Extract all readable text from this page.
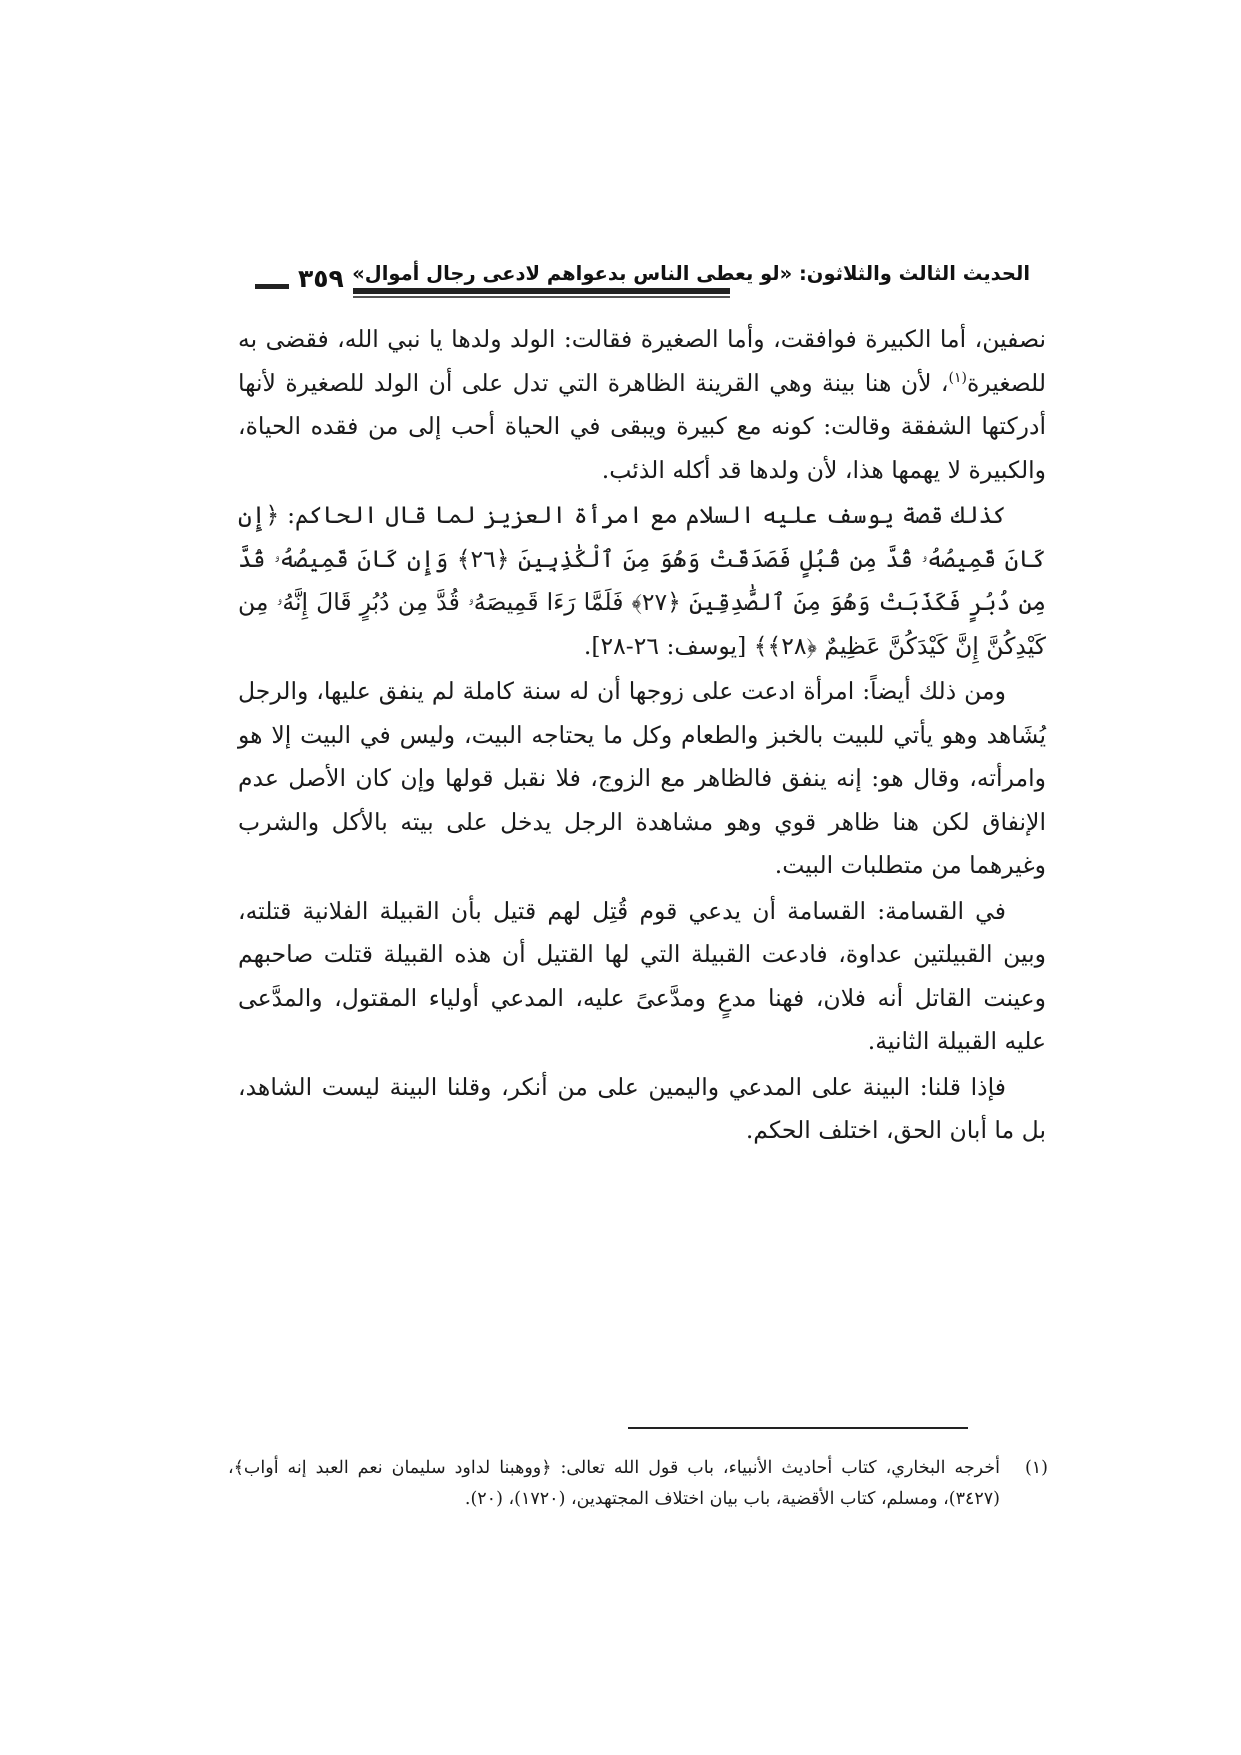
الحديث الثالث والثلاثون: «لو يعطى الناس بدعواهم لادعى رجال أموال»
٣٥٩

نصفين، أما الكبيرة فوافقت، وأما الصغيرة فقالت: الولد ولدها يا نبي الله، فقضى به للصغيرة$^{(١)}$، لأن هنا بينة وهي القرينة الظاهرة التي تدل على أن الولد للصغيرة لأنها أدركتها الشفقة وقالت: كونه مع كبيرة ويبقى في الحياة أحب إلى من فقده الحياة، والكبيرة لا يهمها هذا، لأن ولدها قد أكله الذئب.

كذلك قصة يوسف عليه السلام مع امرأة العزيز لما قال الحاكم: ﴿إِن كَانَ قَمِيصُهُۥ قُدَّ مِن قُبُلٍ فَصَدَقَتْ وَهُوَ مِنَ ٱلْكَٰذِبِينَ ﴿٢٦﴾ وَإِن كَانَ قَمِيصُهُۥ قُدَّ مِن دُبُرٍ فَكَذَبَتْ وَهُوَ مِنَ ٱلصَّٰدِقِينَ ﴿٢٧﴾ فَلَمَّا رَءَا قَمِيصَهُۥ قُدَّ مِن دُبُرٍ قَالَ إِنَّهُۥ مِن كَيْدِكُنَّ إِنَّ كَيْدَكُنَّ عَظِيمٌ ﴿٢٨﴾﴾ [يوسف: ٢٦-٢٨].

ومن ذلك أيضاً: امرأة ادعت على زوجها أن له سنة كاملة لم ينفق عليها، والرجل يُشَاهد وهو يأتي للبيت بالخبز والطعام وكل ما يحتاجه البيت، وليس في البيت إلا هو وامرأته، وقال هو: إنه ينفق فالظاهر مع الزوج، فلا نقبل قولها وإن كان الأصل عدم الإنفاق لكن هنا ظاهر قوي وهو مشاهدة الرجل يدخل على بيته بالأكل والشرب وغيرهما من متطلبات البيت.

في القسامة: القسامة أن يدعي قوم قُتِل لهم قتيل بأن القبيلة الفلانية قتلته، وبين القبيلتين عداوة، فادعت القبيلة التي لها القتيل أن هذه القبيلة قتلت صاحبهم وعينت القاتل أنه فلان، فهنا مدعٍ ومدَّعىً عليه، المدعي أولياء المقتول، والمدَّعى عليه القبيلة الثانية.

فإذا قلنا: البينة على المدعي واليمين على من أنكر، وقلنا البينة ليست الشاهد، بل ما أبان الحق، اختلف الحكم.

(١)
أخرجه البخاري، كتاب أحاديث الأنبياء، باب قول الله تعالى: ﴿ووهبنا لداود سليمان نعم العبد إنه أواب﴾، (٣٤٢٧)، ومسلم، كتاب الأقضية، باب بيان اختلاف المجتهدين، (١٧٢٠)، (٢٠).
